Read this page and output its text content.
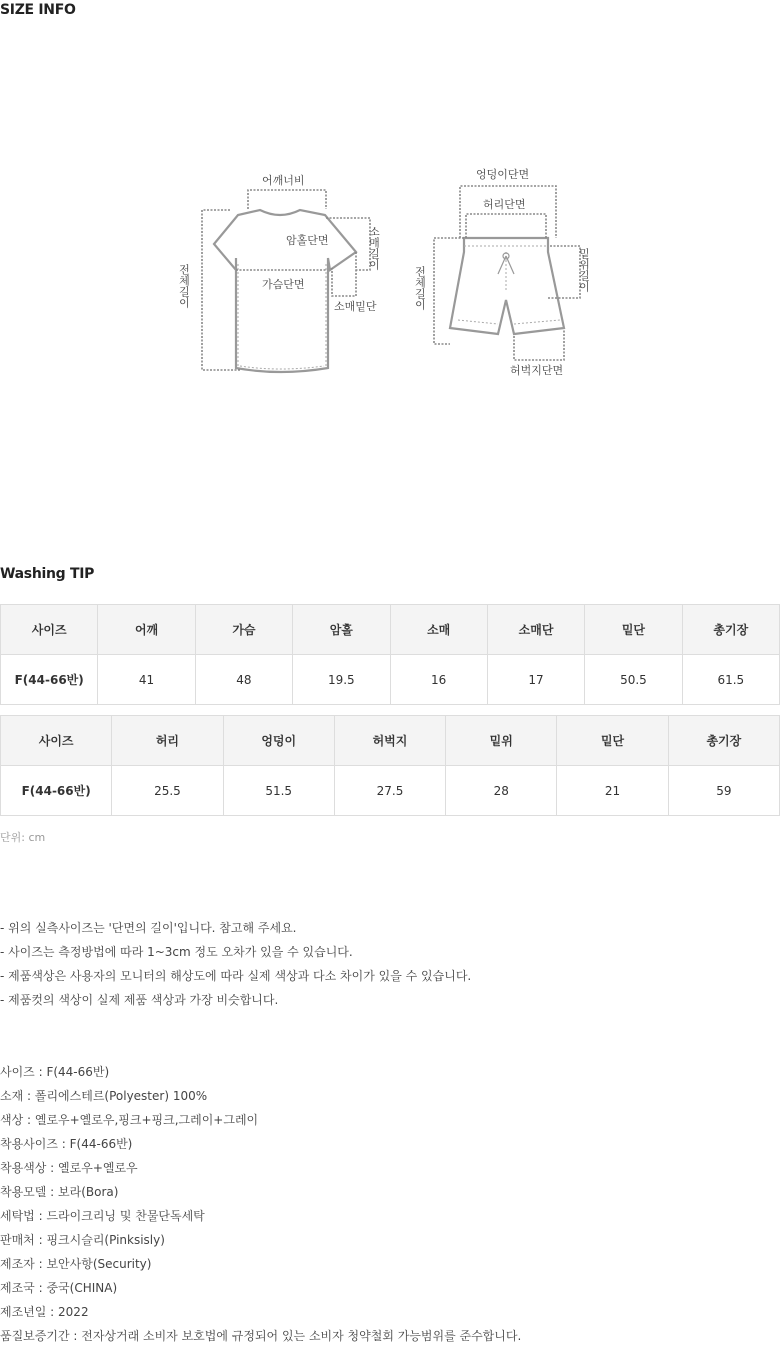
SIZE INFO
어깨너비
암홀단면
가슴단면
소매밑단
소매길이
전체길이
엉덩이단면
허리단면
밑위길이
전체길이
허벅지단면
Washing TIP
사이즈	어깨	가슴	암홀	소매	소매단	밑단	총기장
F(44-66반)	41	48	19.5	16	17	50.5	61.5
사이즈	허리	엉덩이	허벅지	밑위	밑단	총기장
F(44-66반)	25.5	51.5	27.5	28	21	59
단위: cm
- 위의 실측사이즈는 '단면의 길이'입니다. 참고해 주세요.
- 사이즈는 측정방법에 따라 1~3cm 정도 오차가 있을 수 있습니다.
- 제품색상은 사용자의 모니터의 해상도에 따라 실제 색상과 다소 차이가 있을 수 있습니다.
- 제품컷의 색상이 실제 제품 색상과 가장 비슷합니다.
사이즈 : F(44-66반)
소재 : 폴리에스테르(Polyester) 100%
색상 : 옐로우+옐로우,핑크+핑크,그레이+그레이
착용사이즈 : F(44-66반)
착용색상 : 옐로우+옐로우
착용모델 : 보라(Bora)
세탁법 : 드라이크리닝 및 찬물단독세탁
판매처 : 핑크시슬리(Pinksisly)
제조자 : 보안사항(Security)
제조국 : 중국(CHINA)
제조년일 : 2022
품질보증기간 : 전자상거래 소비자 보호법에 규정되어 있는 소비자 청약철회 가능범위를 준수합니다.
